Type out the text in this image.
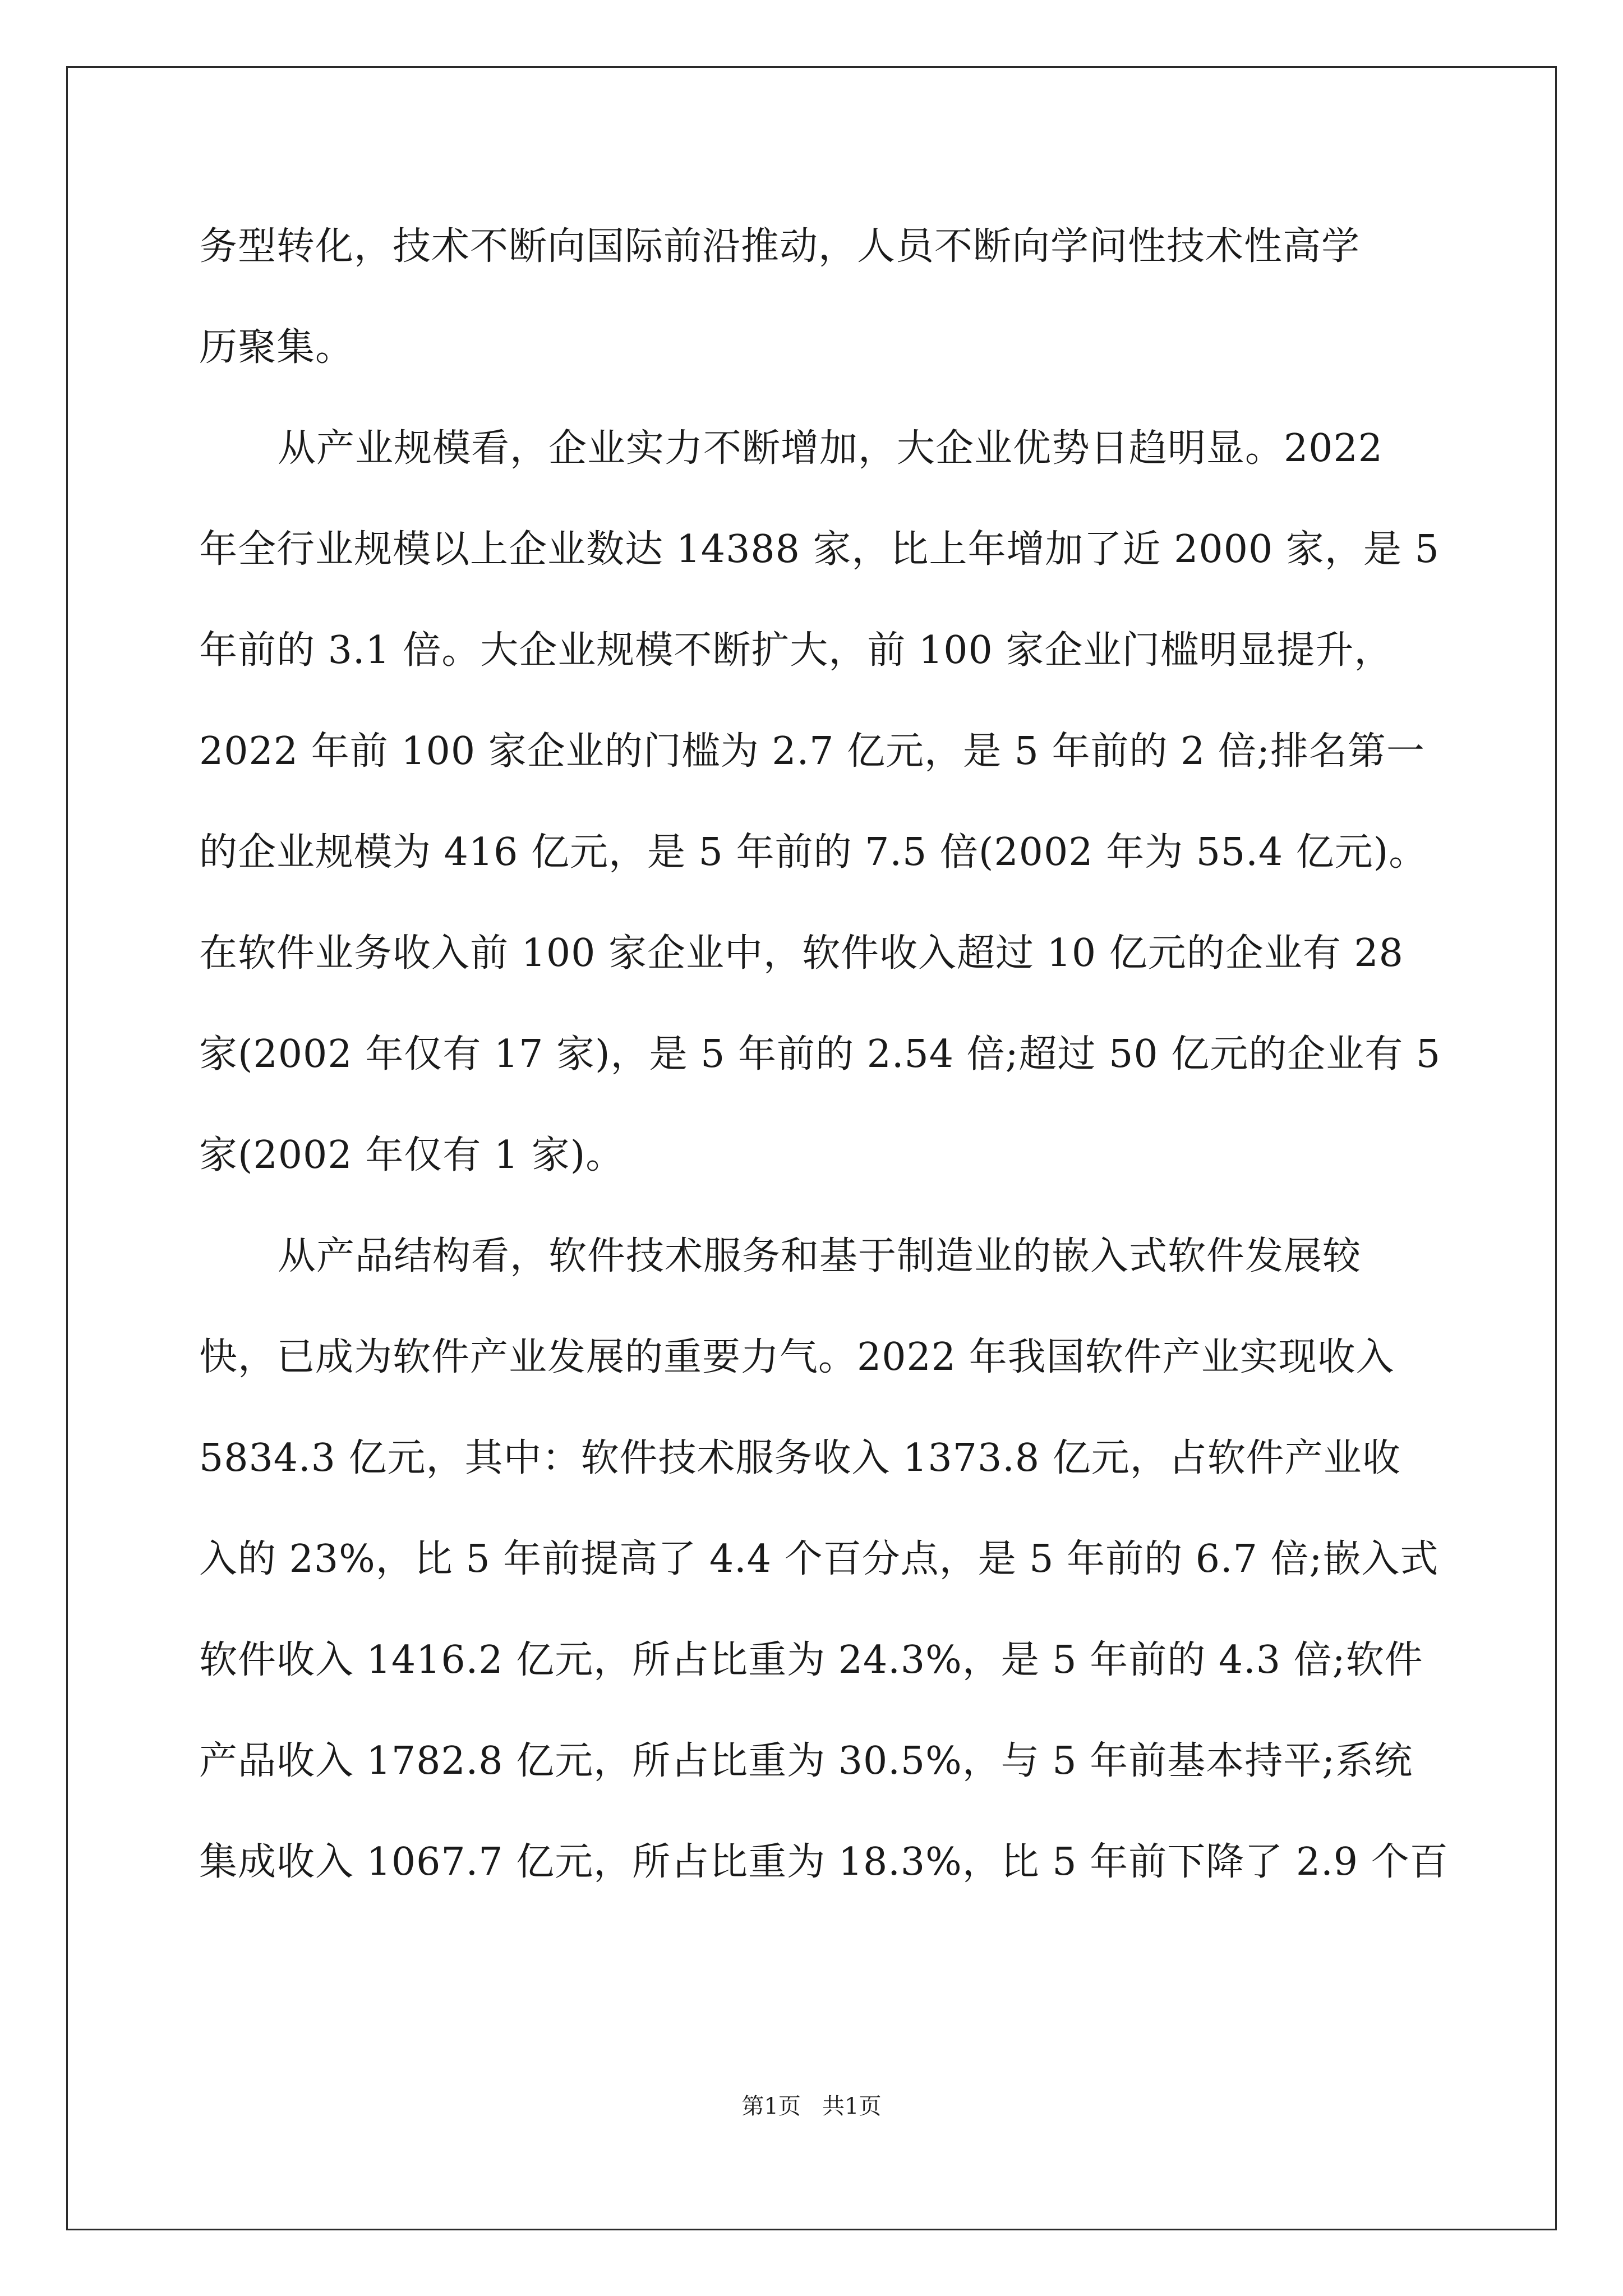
务型转化，技术不断向国际前沿推动，人员不断向学问性技术性高学
历聚集。
从产业规模看，企业实力不断增加，大企业优势日趋明显。2022
年全行业规模以上企业数达 14388 家，比上年增加了近 2000 家，是 5
年前的 3.1 倍。大企业规模不断扩大，前 100 家企业门槛明显提升，
2022 年前 100 家企业的门槛为 2.7 亿元，是 5 年前的 2 倍;排名第一
的企业规模为 416 亿元，是 5 年前的 7.5 倍(2002 年为 55.4 亿元)。
在软件业务收入前 100 家企业中，软件收入超过 10 亿元的企业有 28
家(2002 年仅有 17 家)，是 5 年前的 2.54 倍;超过 50 亿元的企业有 5
家(2002 年仅有 1 家)。
从产品结构看，软件技术服务和基于制造业的嵌入式软件发展较
快，已成为软件产业发展的重要力气。2022 年我国软件产业实现收入
5834.3 亿元，其中：软件技术服务收入 1373.8 亿元，占软件产业收
入的 23%，比 5 年前提高了 4.4 个百分点，是 5 年前的 6.7 倍;嵌入式
软件收入 1416.2 亿元，所占比重为 24.3%，是 5 年前的 4.3 倍;软件
产品收入 1782.8 亿元，所占比重为 30.5%，与 5 年前基本持平;系统
集成收入 1067.7 亿元，所占比重为 18.3%，比 5 年前下降了 2.9 个百
第1页   共1页
